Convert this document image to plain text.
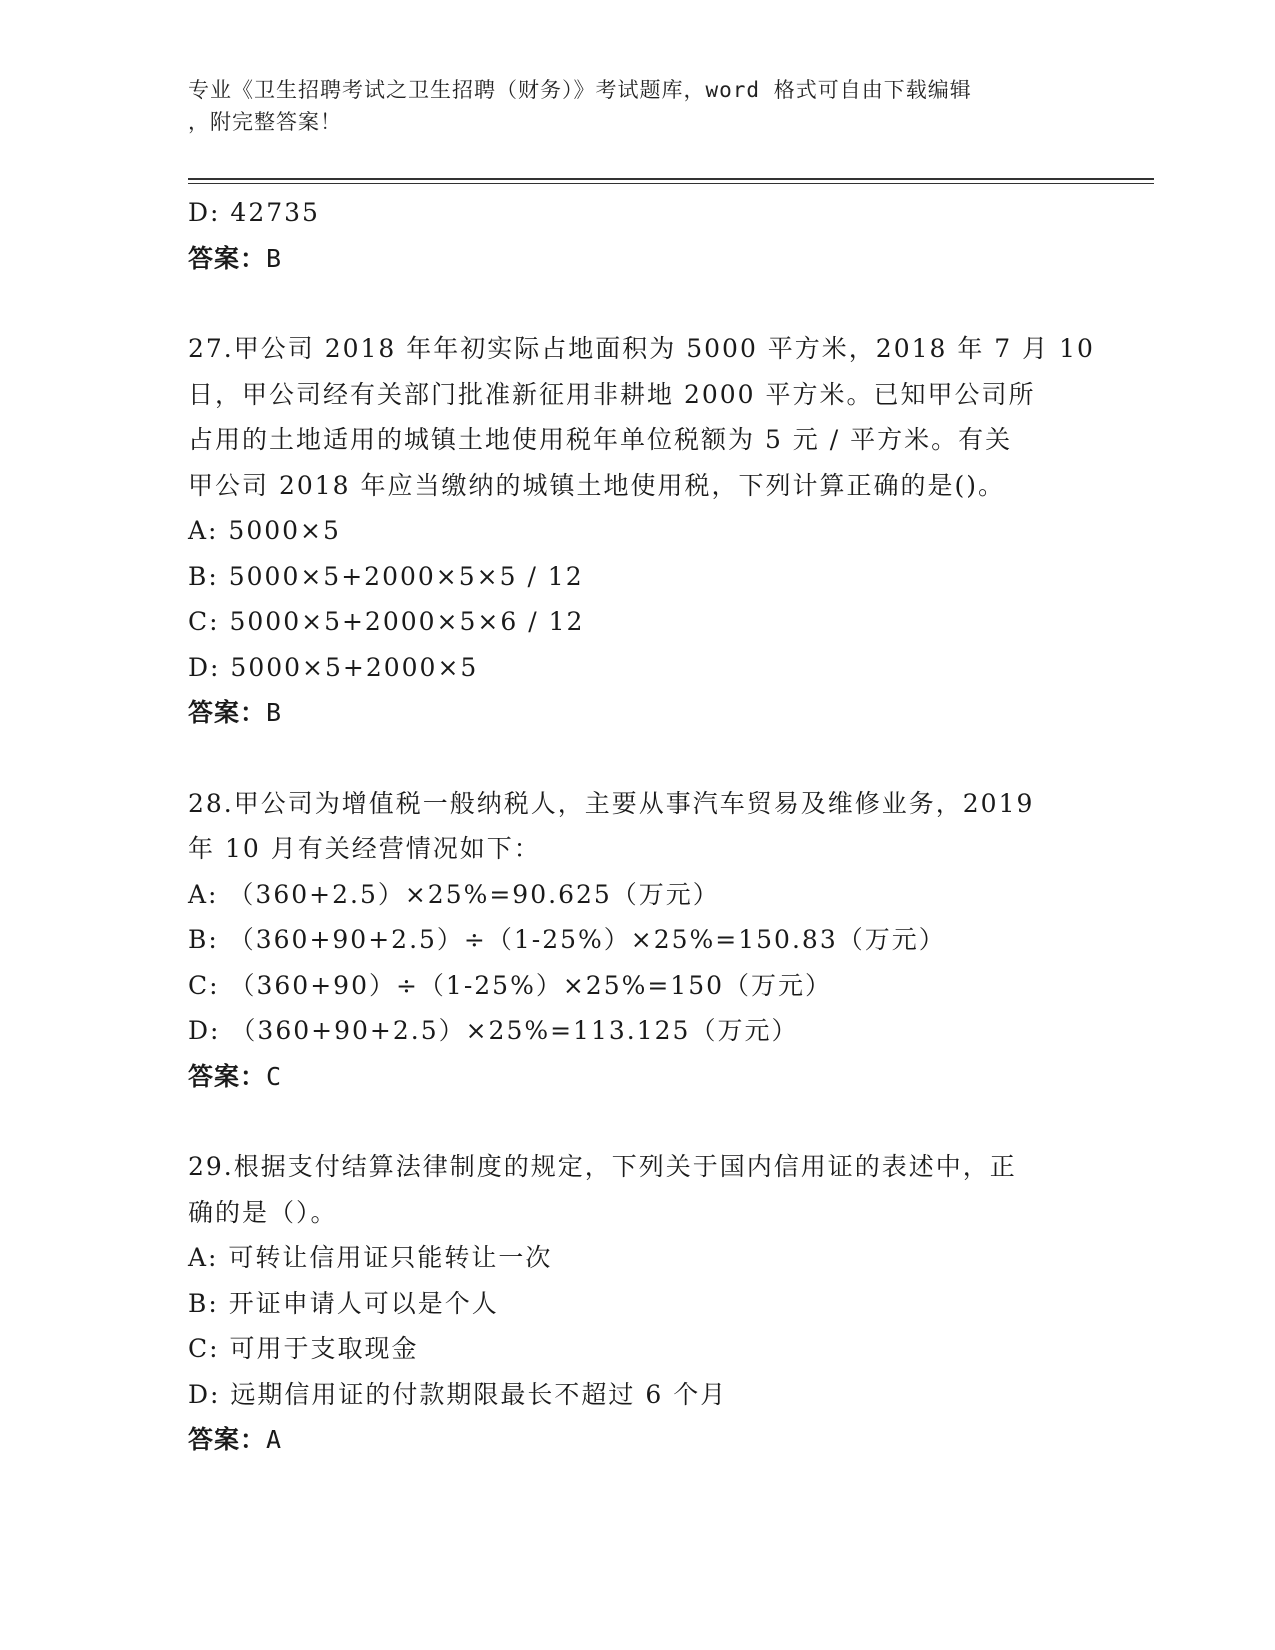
专业《卫生招聘考试之卫生招聘（财务）》考试题库，word 格式可自由下载编辑
，附完整答案！
D: 42735
答案：B
27.甲公司 2018 年年初实际占地面积为 5000 平方米，2018 年 7 月 10
日，甲公司经有关部门批准新征用非耕地 2000 平方米。已知甲公司所
占用的土地适用的城镇土地使用税年单位税额为 5 元 / 平方米。有关
甲公司 2018 年应当缴纳的城镇土地使用税，下列计算正确的是()。
A: 5000×5
B: 5000×5+2000×5×5 / 12
C: 5000×5+2000×5×6 / 12
D: 5000×5+2000×5
答案：B
28.甲公司为增值税一般纳税人，主要从事汽车贸易及维修业务，2019
年 10 月有关经营情况如下：
A: （360+2.5）×25%=90.625（万元）
B: （360+90+2.5）÷（1-25%）×25%=150.83（万元）
C: （360+90）÷（1-25%）×25%=150（万元）
D: （360+90+2.5）×25%=113.125（万元）
答案：C
29.根据支付结算法律制度的规定，下列关于国内信用证的表述中，正
确的是（）。
A: 可转让信用证只能转让一次
B: 开证申请人可以是个人
C: 可用于支取现金
D: 远期信用证的付款期限最长不超过 6 个月
答案：A
